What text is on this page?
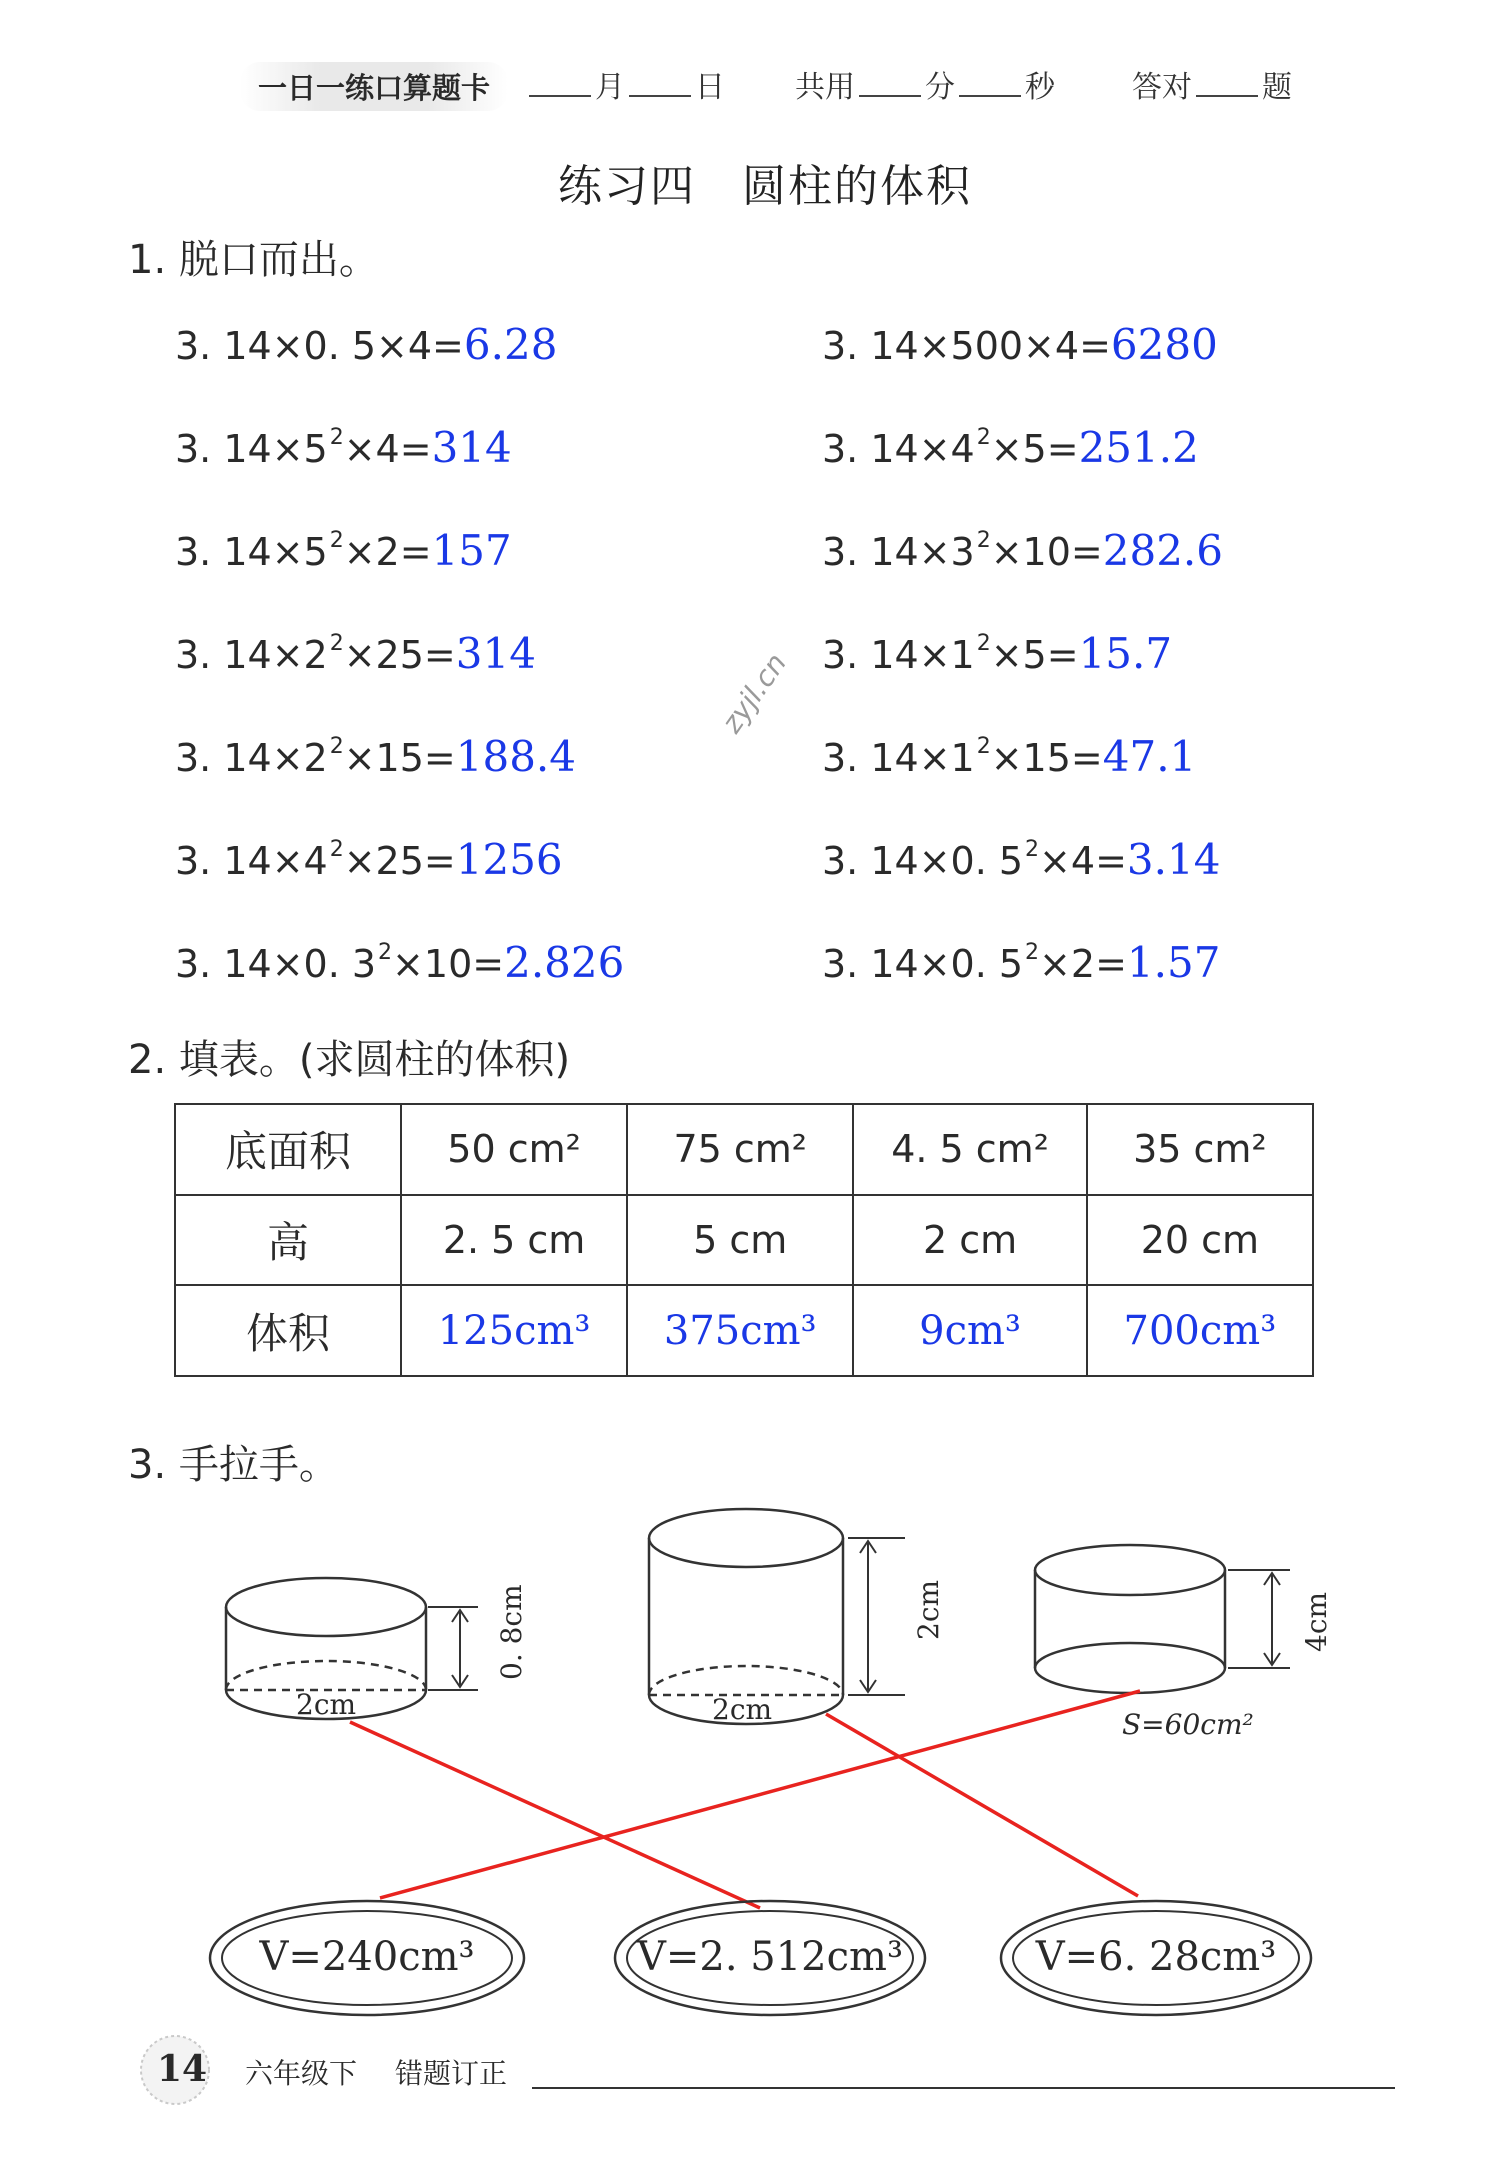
一日一练口算题卡	月 日 共用 分 秒	答对 题
练习四　圆柱的体积
1. 脱口而出。
3. 14×0. 5×4=6.28
3. $14\times 5^2\times 4=314$
3. $14\times 5^2\times 2=157$
3. $14\times 2^2\times 25=314$
3. $14\times 2^2\times 15=188.4$
3. $14\times 4^2\times 25=1256$
3. 14×0. $3^2\times 10=2.826$
3. 14×500×4=6280
3. $14\times 4^2\times 5=251.2$
3. $14\times 3^2\times 10=282.6$
3. $14\times 1^2\times 5=15.7$
3. $14\times 1^2\times 15=47.1$
3. 14×0. $5^2\times 4=3.14$
3. 14×0. $5^2\times 2=1.57$
2. 填表。(求圆柱的体积)
底面积	50 cm²	75 cm²	4. 5 cm²	35 cm²
高	2. 5 cm	5 cm	2 cm	20 cm
体积	125cm³	375cm³	9cm³	700cm³
3. 手拉手。
2cm
0. 8cm
2cm
2cm	4cm
S=60cm²
V=240cm³	V=2. 512cm³	V=6. 28cm³
zyjl.cn
14 六年级下 错题订正
